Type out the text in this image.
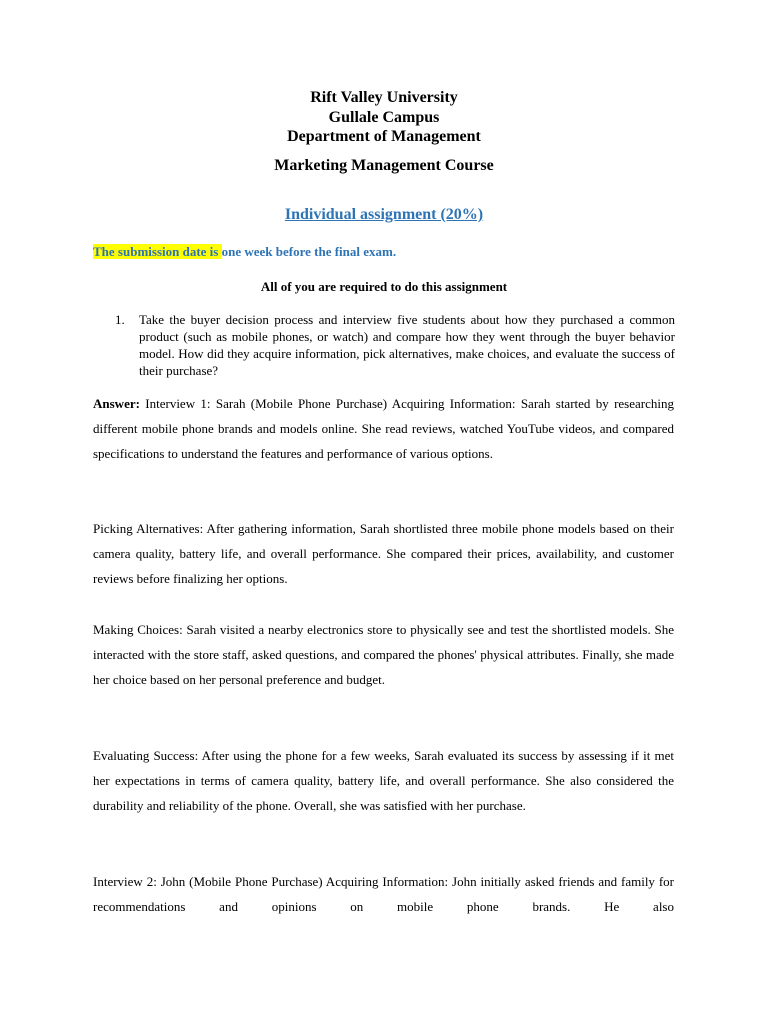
Rift Valley University
Gullale Campus
Department of Management
Marketing Management Course
Individual assignment (20%)
The submission date is one week before the final exam.
All of you are required to do this assignment
1. Take the buyer decision process and interview five students about how they purchased a common product (such as mobile phones, or watch) and compare how they went through the buyer behavior model. How did they acquire information, pick alternatives, make choices, and evaluate the success of their purchase?
Answer: Interview 1: Sarah (Mobile Phone Purchase) Acquiring Information: Sarah started by researching different mobile phone brands and models online. She read reviews, watched YouTube videos, and compared specifications to understand the features and performance of various options.
Picking Alternatives: After gathering information, Sarah shortlisted three mobile phone models based on their camera quality, battery life, and overall performance. She compared their prices, availability, and customer reviews before finalizing her options.
Making Choices: Sarah visited a nearby electronics store to physically see and test the shortlisted models. She interacted with the store staff, asked questions, and compared the phones' physical attributes. Finally, she made her choice based on her personal preference and budget.
Evaluating Success: After using the phone for a few weeks, Sarah evaluated its success by assessing if it met her expectations in terms of camera quality, battery life, and overall performance. She also considered the durability and reliability of the phone. Overall, she was satisfied with her purchase.
Interview 2: John (Mobile Phone Purchase) Acquiring Information: John initially asked friends and family for recommendations and opinions on mobile phone brands. He also
